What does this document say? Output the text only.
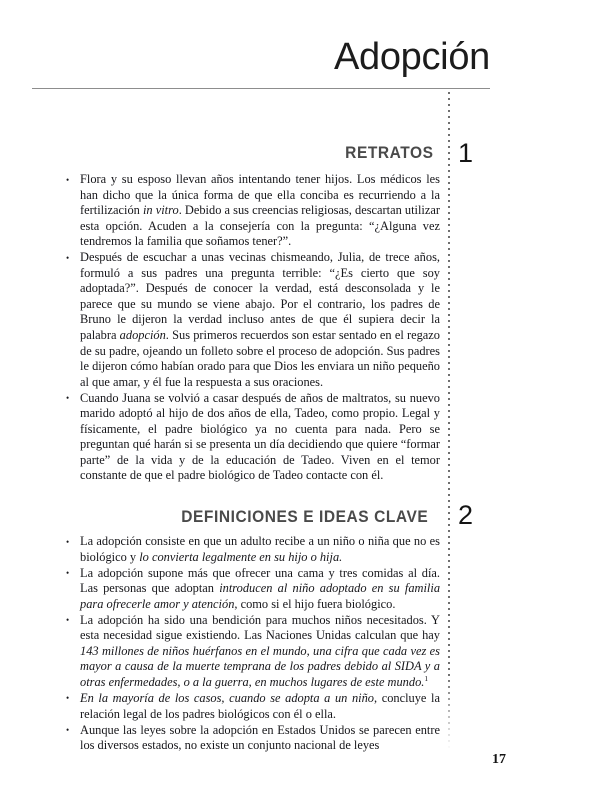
Adopción
RETRATOS 1
• Flora y su esposo llevan años intentando tener hijos. Los médicos les han dicho que la única forma de que ella conciba es recurriendo a la fertilización in vitro. Debido a sus creencias religiosas, descartan utilizar esta opción. Acuden a la consejería con la pregunta: “¿Alguna vez tendremos la familia que soñamos tener?”.
• Después de escuchar a unas vecinas chismeando, Julia, de trece años, formuló a sus padres una pregunta terrible: “¿Es cierto que soy adoptada?”. Después de conocer la verdad, está desconsolada y le parece que su mundo se viene abajo. Por el contrario, los padres de Bruno le dijeron la verdad incluso antes de que él supiera decir la palabra adopción. Sus primeros recuerdos son estar sentado en el regazo de su padre, ojeando un folleto sobre el proceso de adopción. Sus padres le dijeron cómo habían orado para que Dios les enviara un niño pequeño al que amar, y él fue la respuesta a sus oraciones.
• Cuando Juana se volvió a casar después de años de maltratos, su nuevo marido adoptó al hijo de dos años de ella, Tadeo, como propio. Legal y físicamente, el padre biológico ya no cuenta para nada. Pero se preguntan qué harán si se presenta un día decidiendo que quiere “formar parte” de la vida y de la educación de Tadeo. Viven en el temor constante de que el padre biológico de Tadeo contacte con él.
DEFINICIONES E IDEAS CLAVE	2
• La adopción consiste en que un adulto recibe a un niño o niña que no es biológico y lo convierta legalmente en su hijo o hija.
• La adopción supone más que ofrecer una cama y tres comidas al día. Las personas que adoptan introducen al niño adoptado en su familia para ofrecerle amor y atención, como si el hijo fuera biológico.
• La adopción ha sido una bendición para muchos niños necesitados. Y esta necesidad sigue existiendo. Las Naciones Unidas calculan que hay 143 millones de niños huérfanos en el mundo, una cifra que cada vez es mayor a causa de la muerte temprana de los padres debido al SIDA y a otras enfermedades, o a la guerra, en muchos lugares de este mundo.$^1$
• En la mayoría de los casos, cuando se adopta a un niño, concluye la relación legal de los padres biológicos con él o ella.
• Aunque las leyes sobre la adopción en Estados Unidos se parecen entre los diversos estados, no existe un conjunto nacional de leyes
17
